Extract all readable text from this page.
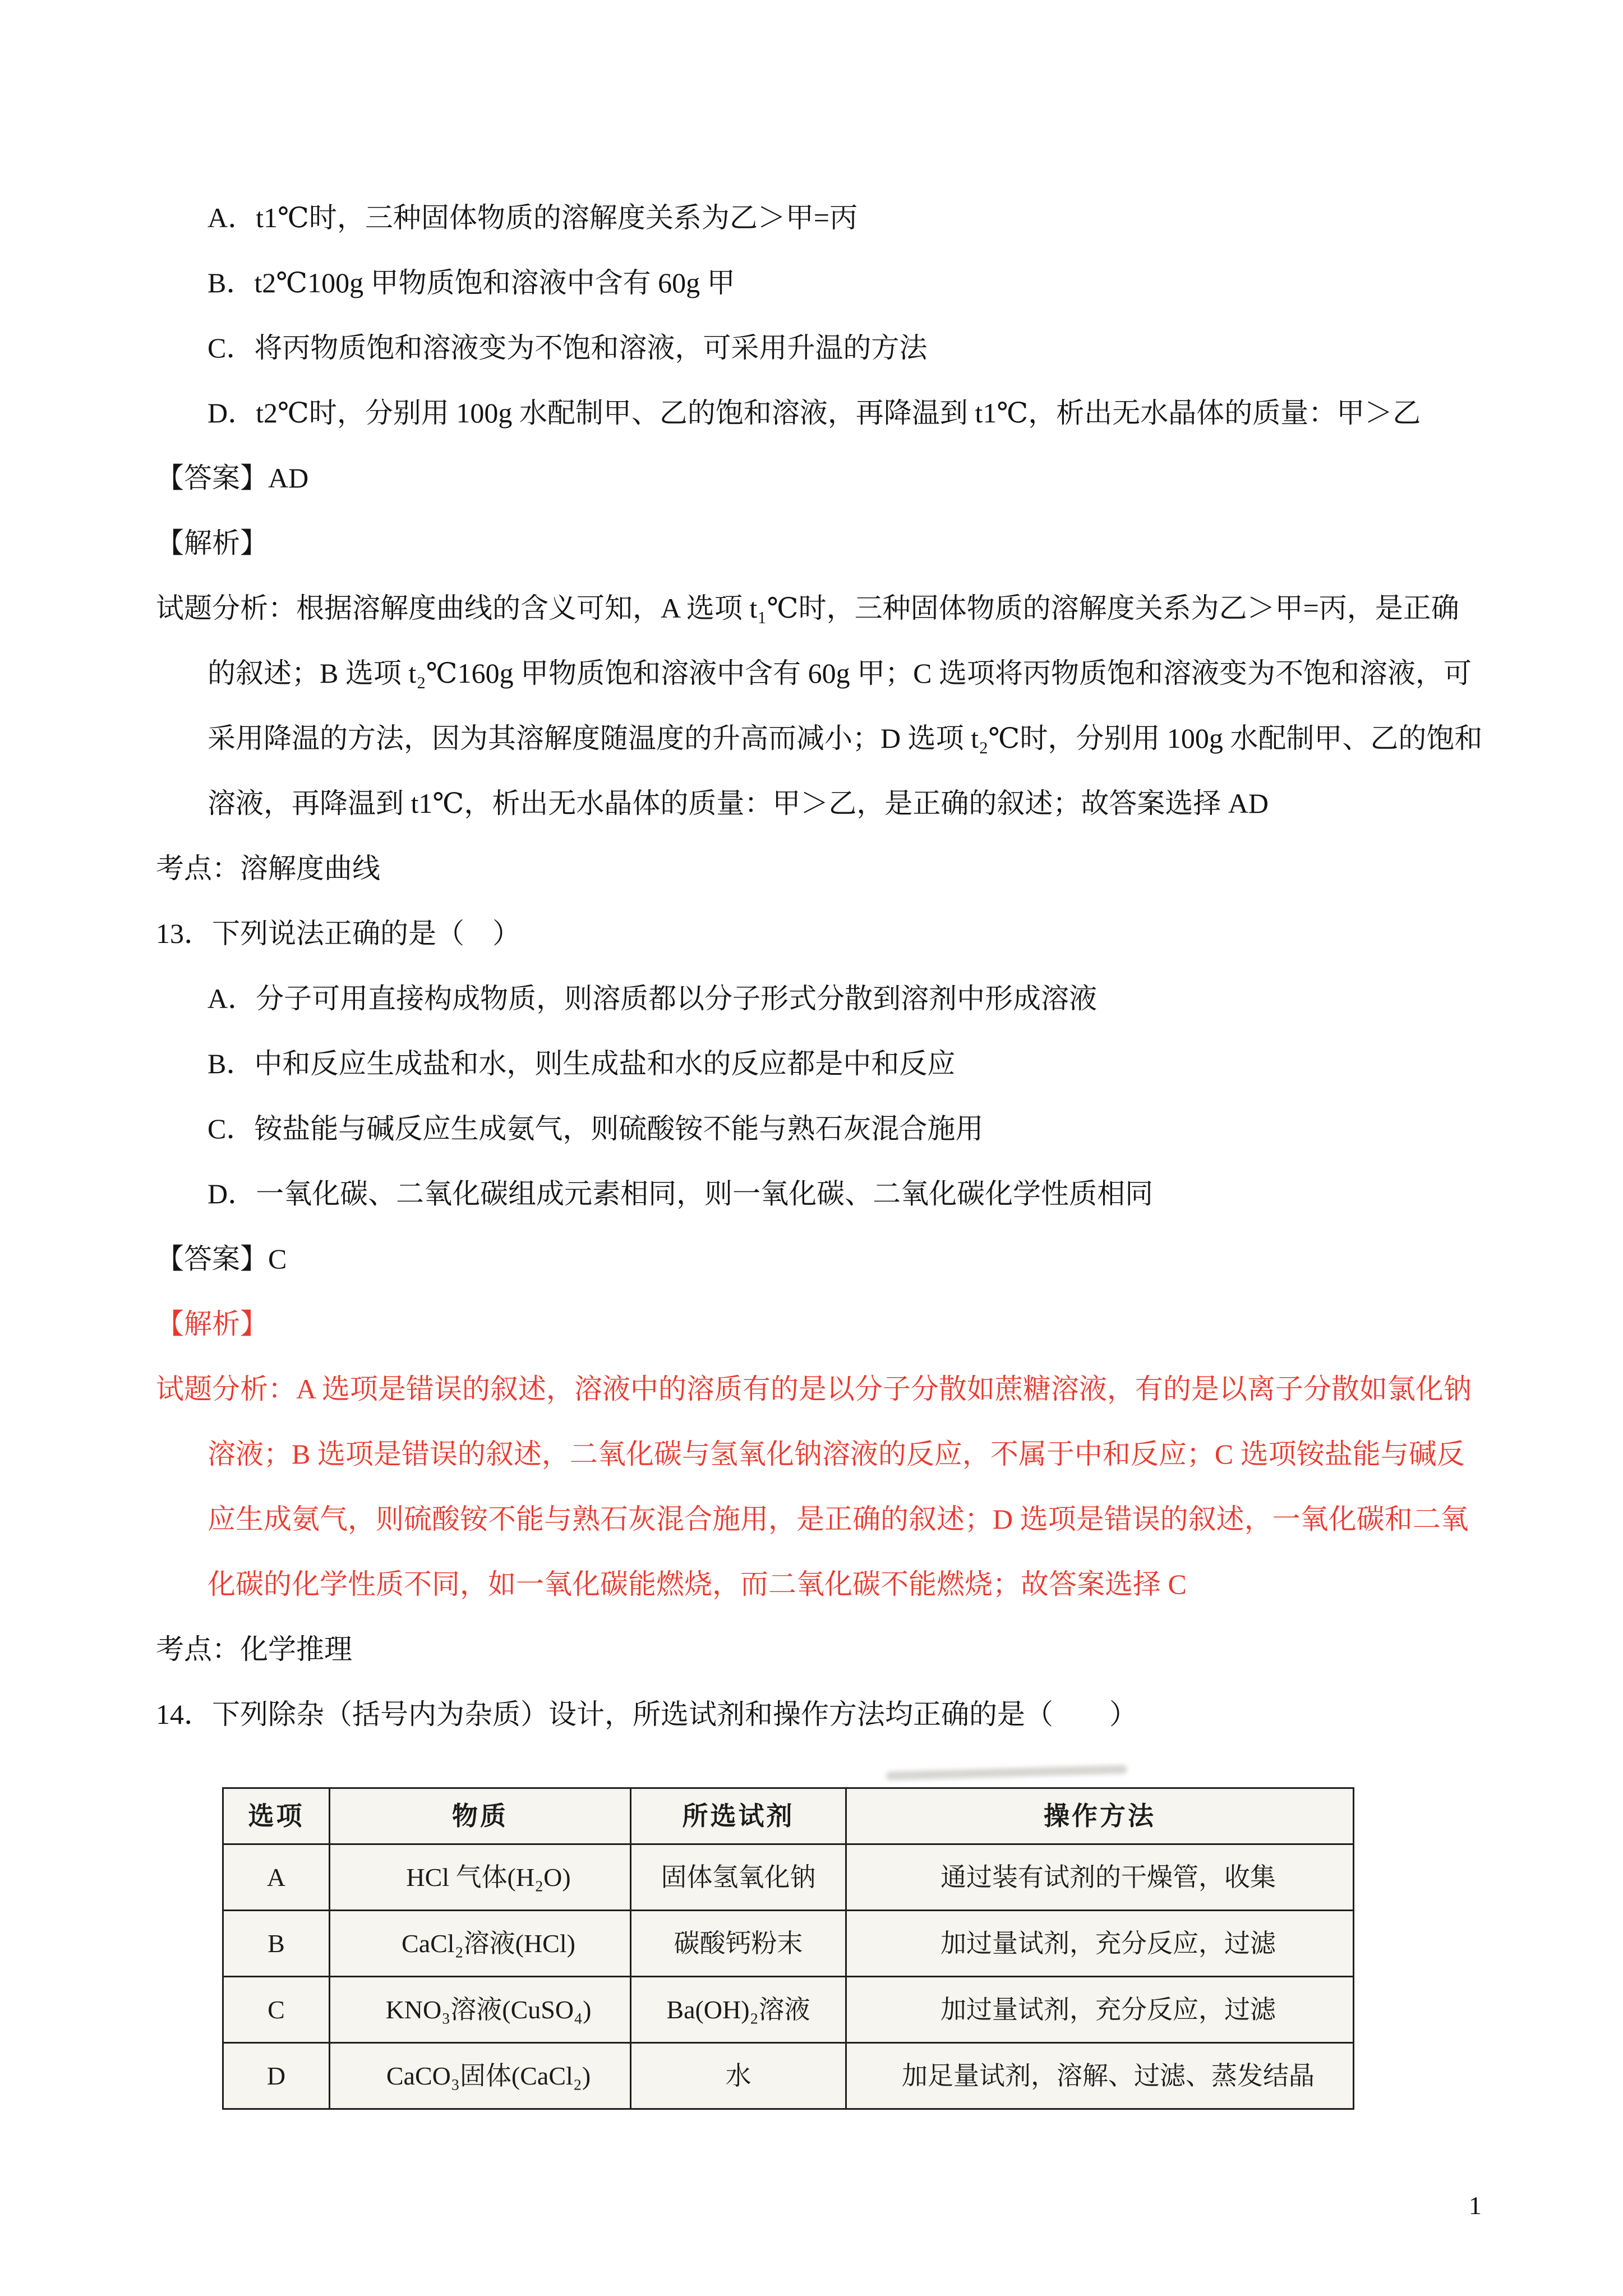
A．t1℃时，三种固体物质的溶解度关系为乙＞甲=丙

B．t2℃100g 甲物质饱和溶液中含有 60g 甲

C．将丙物质饱和溶液变为不饱和溶液，可采用升温的方法

D．t2℃时，分别用 100g 水配制甲、乙的饱和溶液，再降温到 t1℃，析出无水晶体的质量：甲＞乙

【答案】AD

【解析】

试题分析：根据溶解度曲线的含义可知，A 选项 t₁℃时，三种固体物质的溶解度关系为乙＞甲=丙，是正确的叙述；B 选项 t₂℃160g 甲物质饱和溶液中含有 60g 甲；C 选项将丙物质饱和溶液变为不饱和溶液，可采用降温的方法，因为其溶解度随温度的升高而减小；D 选项 t₂℃时，分别用 100g 水配制甲、乙的饱和溶液，再降温到 t1℃，析出无水晶体的质量：甲＞乙，是正确的叙述；故答案选择 AD

考点：溶解度曲线

13．下列说法正确的是（　）

A．分子可用直接构成物质，则溶质都以分子形式分散到溶剂中形成溶液

B．中和反应生成盐和水，则生成盐和水的反应都是中和反应

C．铵盐能与碱反应生成氨气，则硫酸铵不能与熟石灰混合施用

D．一氧化碳、二氧化碳组成元素相同，则一氧化碳、二氧化碳化学性质相同

【答案】C

【解析】

试题分析：A 选项是错误的叙述，溶液中的溶质有的是以分子分散如蔗糖溶液，有的是以离子分散如氯化钠溶液；B 选项是错误的叙述，二氧化碳与氢氧化钠溶液的反应，不属于中和反应；C 选项铵盐能与碱反应生成氨气，则硫酸铵不能与熟石灰混合施用，是正确的叙述；D 选项是错误的叙述，一氧化碳和二氧化碳的化学性质不同，如一氧化碳能燃烧，而二氧化碳不能燃烧；故答案选择 C

考点：化学推理

14．下列除杂（括号内为杂质）设计，所选试剂和操作方法均正确的是（　　）

选项	物质	所选试剂	操作方法
A	HCl 气体(H₂O)	固体氢氧化钠	通过装有试剂的干燥管，收集
B	CaCl₂溶液(HCl)	碳酸钙粉末	加过量试剂，充分反应，过滤
C	KNO₃溶液(CuSO₄)	Ba(OH)₂溶液	加过量试剂，充分反应，过滤
D	CaCO₃固体(CaCl₂)	水	加足量试剂，溶解、过滤、蒸发结晶
1
